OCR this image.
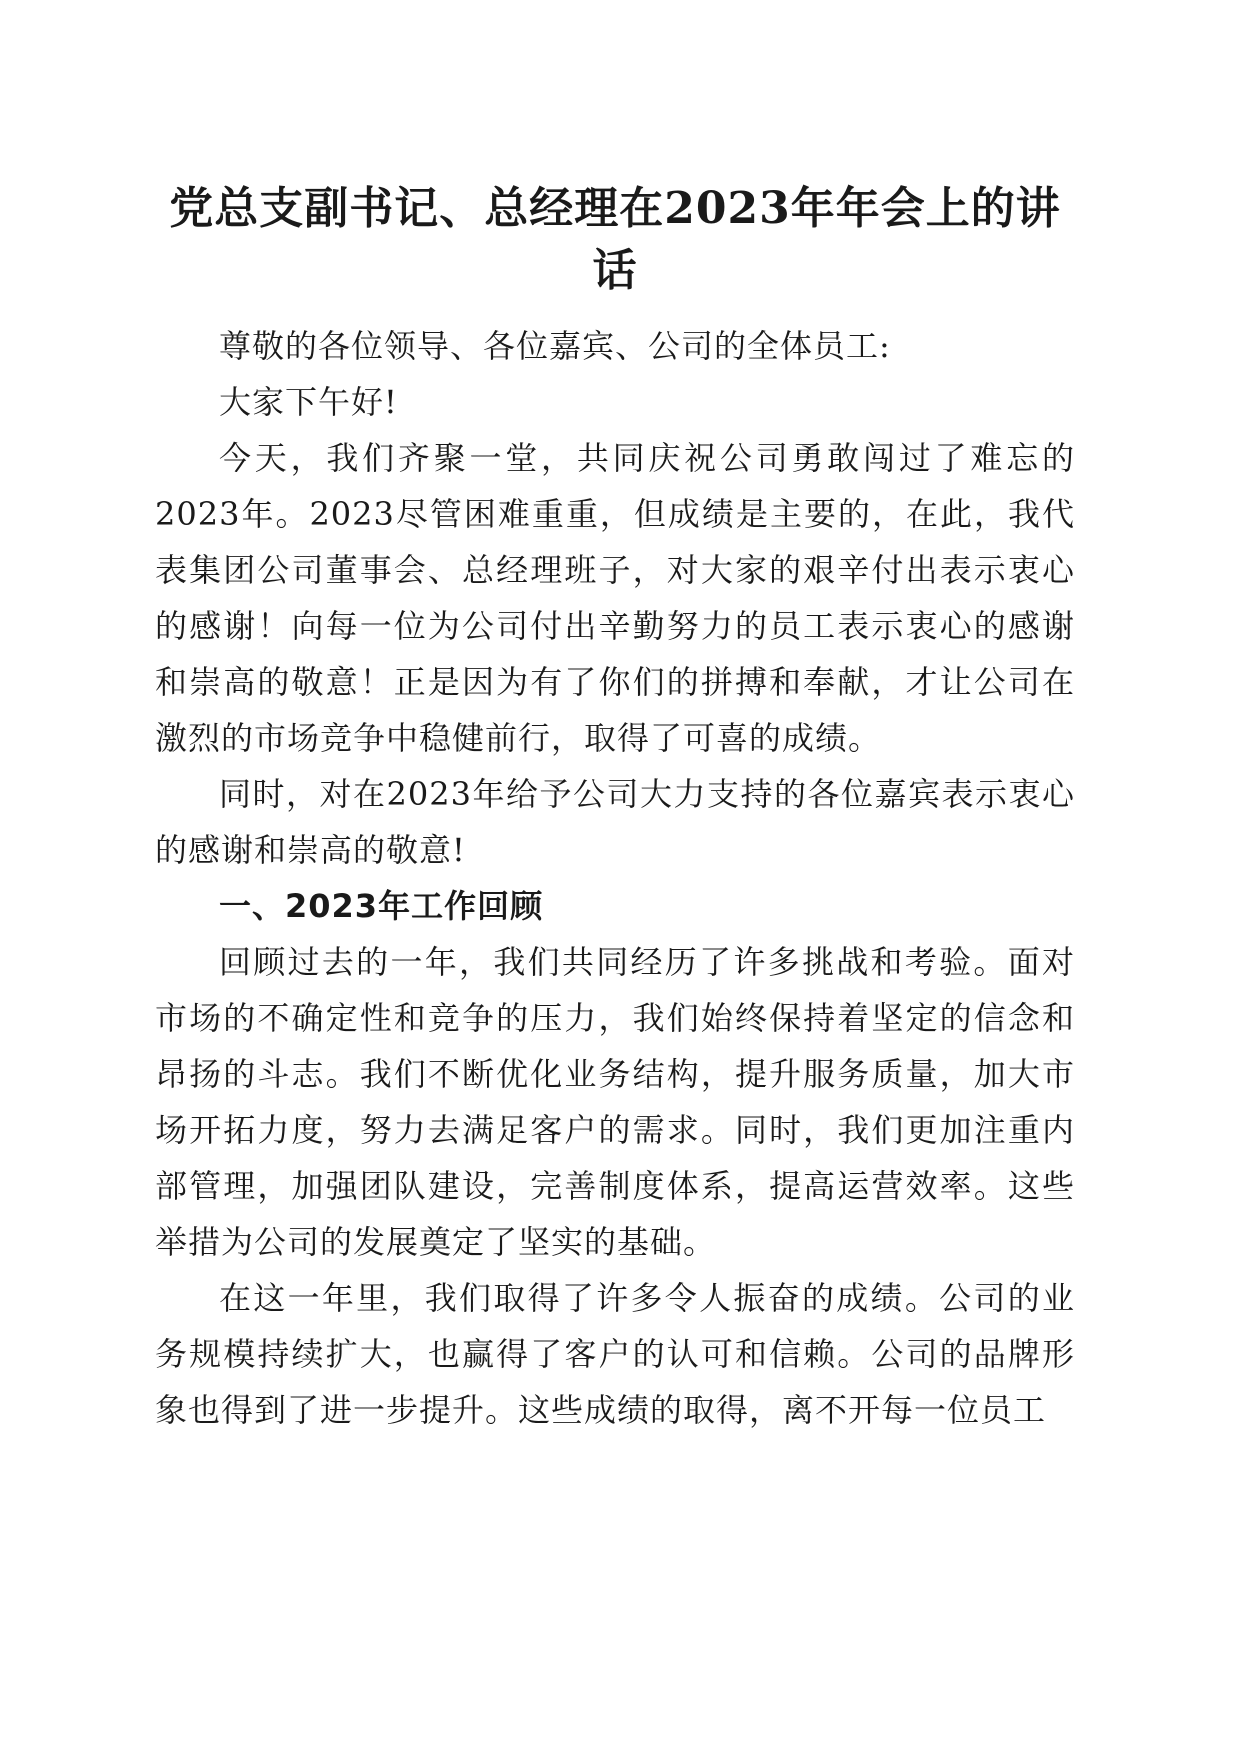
党总支副书记、总经理在2023年年会上的讲话

尊敬的各位领导、各位嘉宾、公司的全体员工:

大家下午好!

今天，我们齐聚一堂，共同庆祝公司勇敢闯过了难忘的2023年。2023尽管困难重重，但成绩是主要的，在此，我代表集团公司董事会、总经理班子，对大家的艰辛付出表示衷心的感谢！向每一位为公司付出辛勤努力的员工表示衷心的感谢和崇高的敬意！正是因为有了你们的拼搏和奉献，才让公司在激烈的市场竞争中稳健前行，取得了可喜的成绩。

同时，对在2023年给予公司大力支持的各位嘉宾表示衷心的感谢和崇高的敬意!

一、2023年工作回顾

回顾过去的一年，我们共同经历了许多挑战和考验。面对市场的不确定性和竞争的压力，我们始终保持着坚定的信念和昂扬的斗志。我们不断优化业务结构，提升服务质量，加大市场开拓力度，努力去满足客户的需求。同时，我们更加注重内部管理，加强团队建设，完善制度体系，提高运营效率。这些举措为公司的发展奠定了坚实的基础。

在这一年里，我们取得了许多令人振奋的成绩。公司的业务规模持续扩大，也赢得了客户的认可和信赖。公司的品牌形象也得到了进一步提升。这些成绩的取得，离不开每一位员工
